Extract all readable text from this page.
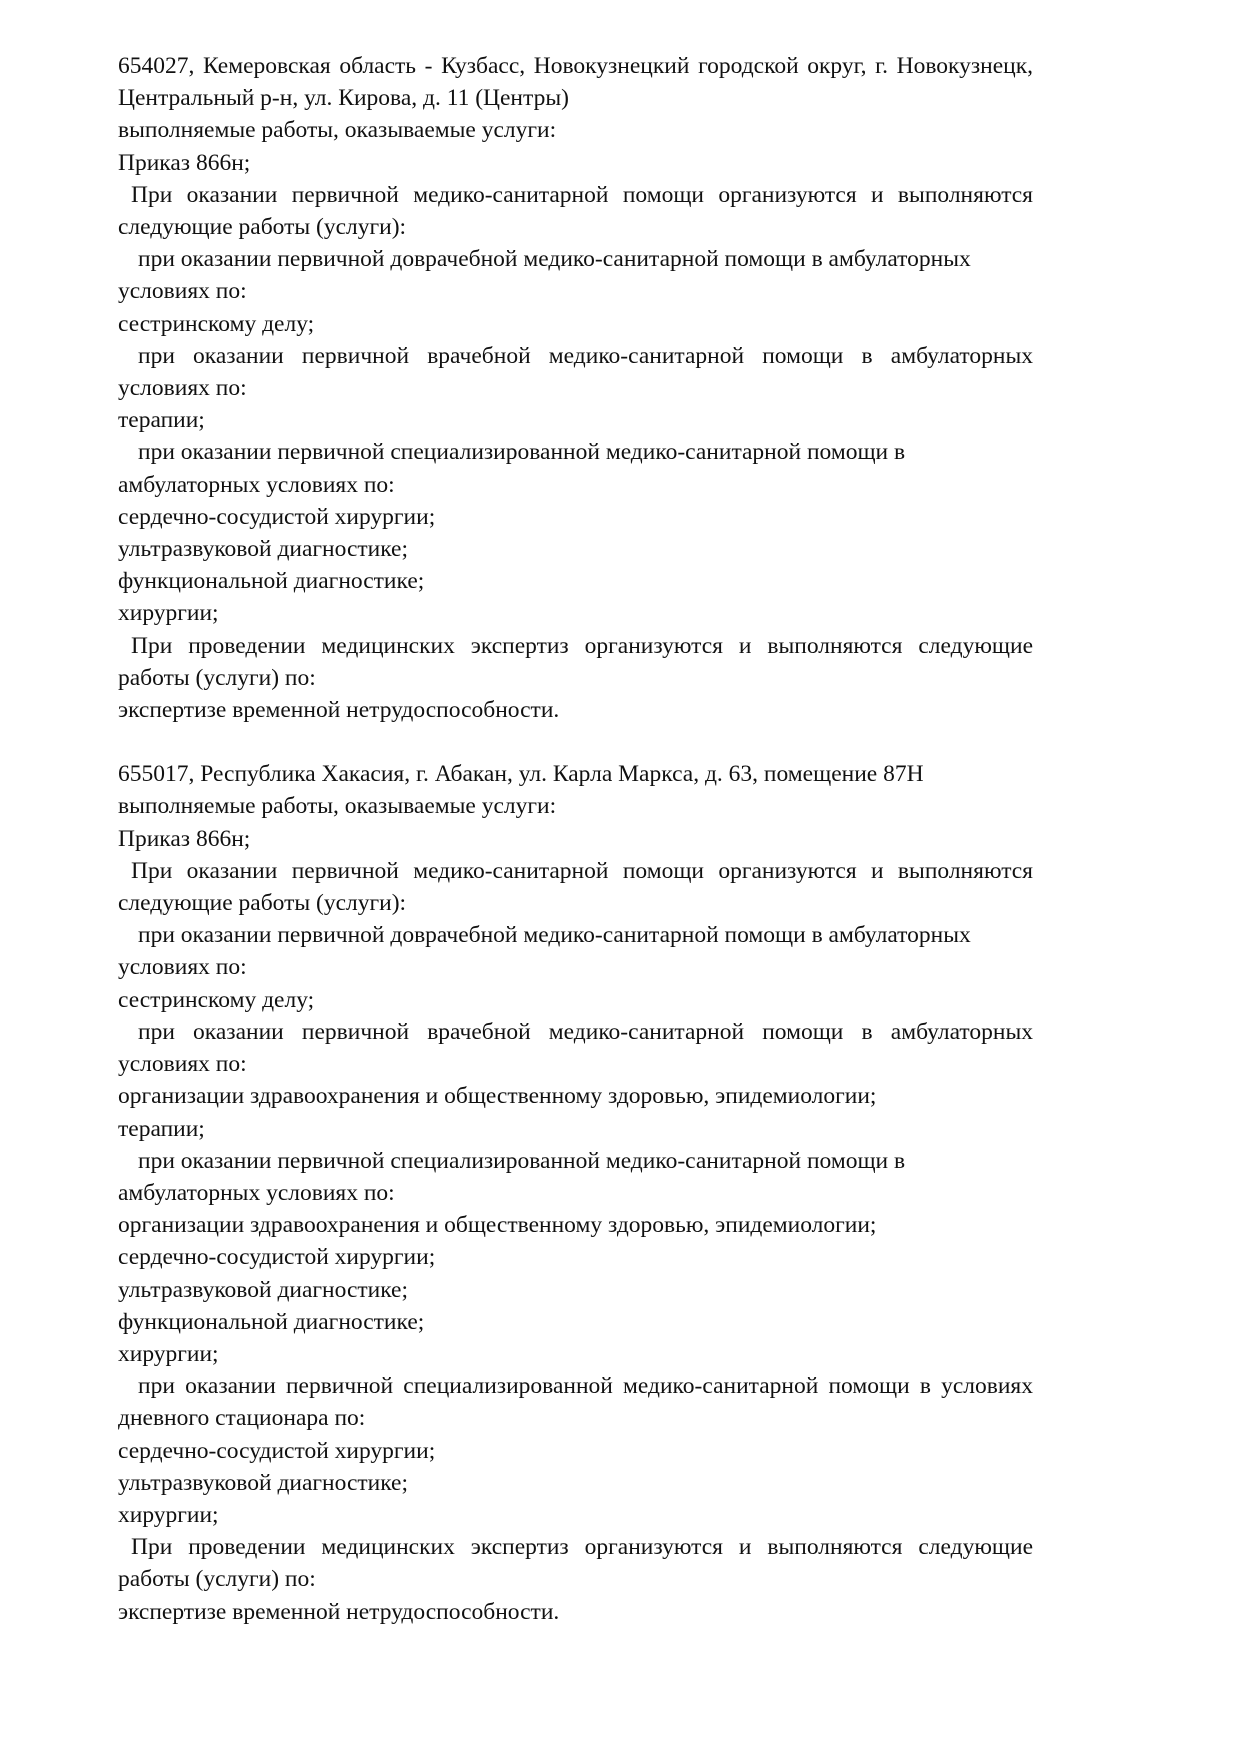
654027, Кемеровская область - Кузбасс, Новокузнецкий городской округ, г. Новокузнецк, Центральный р-н, ул. Кирова, д. 11 (Центры)

выполняемые работы, оказываемые услуги:

Приказ 866н;

При оказании первичной медико-санитарной помощи организуются и выполняются следующие работы (услуги):

при оказании первичной доврачебной медико-санитарной помощи в амбулаторных условиях по:

сестринскому делу;

при оказании первичной врачебной медико-санитарной помощи в амбулаторных условиях по:

терапии;

при оказании первичной специализированной медико-санитарной помощи в амбулаторных условиях по:

сердечно-сосудистой хирургии;

ультразвуковой диагностике;

функциональной диагностике;

хирургии;

При проведении медицинских экспертиз организуются и выполняются следующие работы (услуги) по:

экспертизе временной нетрудоспособности.

655017, Республика Хакасия, г. Абакан, ул. Карла Маркса, д. 63, помещение 87Н

выполняемые работы, оказываемые услуги:

Приказ 866н;

При оказании первичной медико-санитарной помощи организуются и выполняются следующие работы (услуги):

при оказании первичной доврачебной медико-санитарной помощи в амбулаторных условиях по:

сестринскому делу;

при оказании первичной врачебной медико-санитарной помощи в амбулаторных условиях по:

организации здравоохранения и общественному здоровью, эпидемиологии;

терапии;

при оказании первичной специализированной медико-санитарной помощи в амбулаторных условиях по:

организации здравоохранения и общественному здоровью, эпидемиологии;

сердечно-сосудистой хирургии;

ультразвуковой диагностике;

функциональной диагностике;

хирургии;

при оказании первичной специализированной медико-санитарной помощи в условиях дневного стационара по:

сердечно-сосудистой хирургии;

ультразвуковой диагностике;

хирургии;

При проведении медицинских экспертиз организуются и выполняются следующие работы (услуги) по:

экспертизе временной нетрудоспособности.
